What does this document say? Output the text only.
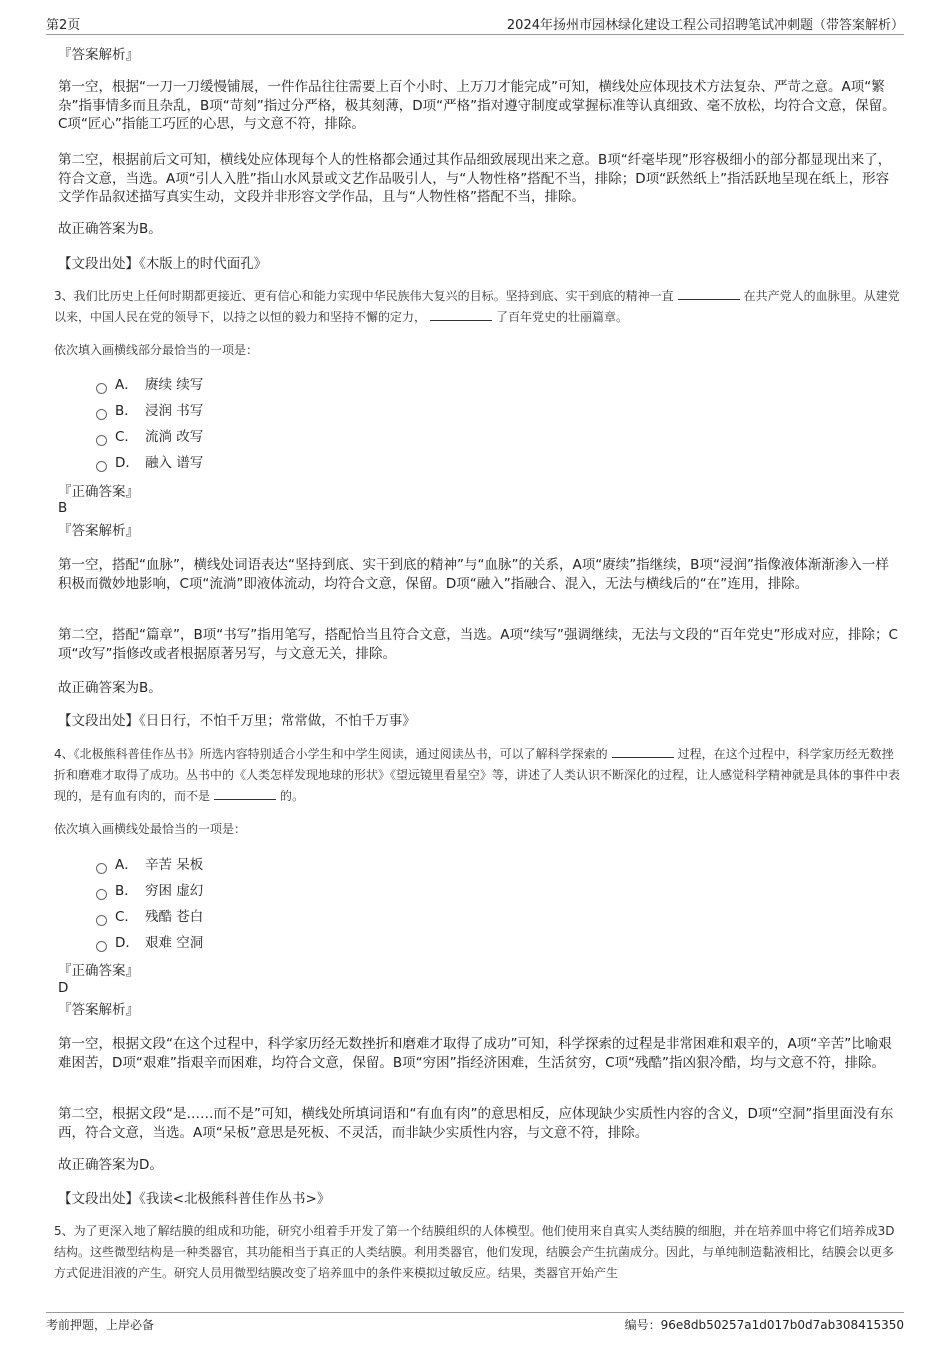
第2页	2024年扬州市园林绿化建设工程公司招聘笔试冲刺题（带答案解析）
『答案解析』
第一空，根据“一刀一刀缓慢铺展，一件作品往往需要上百个小时、上万刀才能完成”可知，横线处应体现技术方法复杂、严苛之意。A项“繁杂”指事情多而且杂乱，B项“苛刻”指过分严格，极其刻薄，D项“严格”指对遵守制度或掌握标准等认真细致、毫不放松，均符合文意，保留。C项“匠心”指能工巧匠的心思，与文意不符，排除。
第二空，根据前后文可知，横线处应体现每个人的性格都会通过其作品细致展现出来之意。B项“纤毫毕现”形容极细小的部分都显现出来了，符合文意，当选。A项“引人入胜”指山水风景或文艺作品吸引人，与“人物性格”搭配不当，排除；D项“跃然纸上”指活跃地呈现在纸上，形容文学作品叙述描写真实生动，文段并非形容文学作品，且与“人物性格”搭配不当，排除。
故正确答案为B。
【文段出处】《木版上的时代面孔》
3、我们比历史上任何时期都更接近、更有信心和能力实现中华民族伟大复兴的目标。坚持到底、实干到底的精神一直	在共产党人的血脉里。从建党以来，中国人民在党的领导下，以持之以恒的毅力和坚持不懈的定力，	了百年党史的壮丽篇章。
依次填入画横线部分最恰当的一项是：
A． 赓续 续写
B． 浸润 书写
C． 流淌 改写
D． 融入 谱写
『正确答案』
B
『答案解析』
第一空，搭配“血脉”，横线处词语表达“坚持到底、实干到底的精神”与“血脉”的关系，A项“赓续”指继续，B项“浸润”指像液体渐渐渗入一样积极而微妙地影响，C项“流淌”即液体流动，均符合文意，保留。D项“融入”指融合、混入，无法与横线后的“在”连用，排除。
第二空，搭配“篇章”，B项“书写”指用笔写，搭配恰当且符合文意，当选。A项“续写”强调继续，无法与文段的“百年党史”形成对应，排除；C项“改写”指修改或者根据原著另写，与文意无关，排除。
故正确答案为B。
【文段出处】《日日行，不怕千万里；常常做，不怕千万事》
4、《北极熊科普佳作丛书》所选内容特别适合小学生和中学生阅读，通过阅读丛书，可以了解科学探索的	过程，在这个过程中，科学家历经无数挫折和磨难才取得了成功。丛书中的《人类怎样发现地球的形状》《望远镜里看星空》等，讲述了人类认识不断深化的过程，让人感觉科学精神就是具体的事件中表现的，是有血有肉的，而不是	的。
依次填入画横线处最恰当的一项是：
A． 辛苦 呆板
B． 穷困 虚幻
C． 残酷 苍白
D． 艰难 空洞
『正确答案』
D
『答案解析』
第一空，根据文段“在这个过程中，科学家历经无数挫折和磨难才取得了成功”可知，科学探索的过程是非常困难和艰辛的，A项“辛苦”比喻艰难困苦，D项“艰难”指艰辛而困难，均符合文意，保留。B项“穷困”指经济困难，生活贫穷，C项“残酷”指凶狠冷酷，均与文意不符，排除。
第二空，根据文段“是……而不是”可知，横线处所填词语和“有血有肉”的意思相反，应体现缺少实质性内容的含义，D项“空洞”指里面没有东西，符合文意，当选。A项“呆板”意思是死板、不灵活，而非缺少实质性内容，与文意不符，排除。
故正确答案为D。
【文段出处】《我读<北极熊科普佳作丛书>》
5、为了更深入地了解结膜的组成和功能，研究小组着手开发了第一个结膜组织的人体模型。他们使用来自真实人类结膜的细胞，并在培养皿中将它们培养成3D结构。这些微型结构是一种类器官，其功能相当于真正的人类结膜。利用类器官，他们发现，结膜会产生抗菌成分。因此，与单纯制造黏液相比，结膜会以更多方式促进泪液的产生。研究人员用微型结膜改变了培养皿中的条件来模拟过敏反应。结果，类器官开始产生
考前押题，上岸必备	编号：96e8db50257a1d017b0d7ab308415350
